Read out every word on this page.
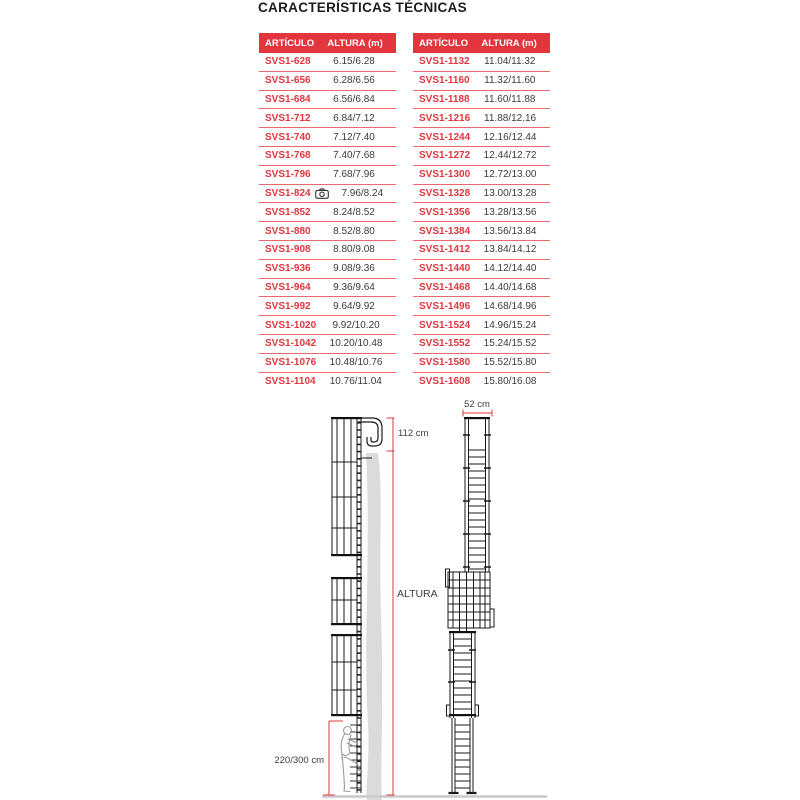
CARACTERÍSTICAS TÉCNICAS
ARTÍCULO	ALTURA (m)
SVS1-628	6.15/6.28
SVS1-656	6.28/6.56
SVS1-684	6.56/6.84
SVS1-712	6.84/7.12
SVS1-740	7.12/7.40
SVS1-768	7.40/7.68
SVS1-796	7.68/7.96
SVS1-824	7.96/8.24
SVS1-852	8.24/8.52
SVS1-880	8.52/8.80
SVS1-908	8.80/9.08
SVS1-936	9.08/9.36
SVS1-964	9.36/9.64
SVS1-992	9.64/9.92
SVS1-1020	9.92/10.20
SVS1-1042	10.20/10.48
SVS1-1076	10.48/10.76
SVS1-1104	10.76/11.04
ARTÍCULO	ALTURA (m)
SVS1-1132	11.04/11.32
SVS1-1160	11.32/11.60
SVS1-1188	11.60/11.88
SVS1-1216	11.88/12.16
SVS1-1244	12.16/12.44
SVS1-1272	12.44/12.72
SVS1-1300	12.72/13.00
SVS1-1328	13.00/13.28
SVS1-1356	13.28/13.56
SVS1-1384	13.56/13.84
SVS1-1412	13.84/14.12
SVS1-1440	14.12/14.40
SVS1-1468	14.40/14.68
SVS1-1496	14.68/14.96
SVS1-1524	14.96/15.24
SVS1-1552	15.24/15.52
SVS1-1580	15.52/15.80
SVS1-1608	15.80/16.08
112 cm
ALTURA
220/300 cm
52 cm
